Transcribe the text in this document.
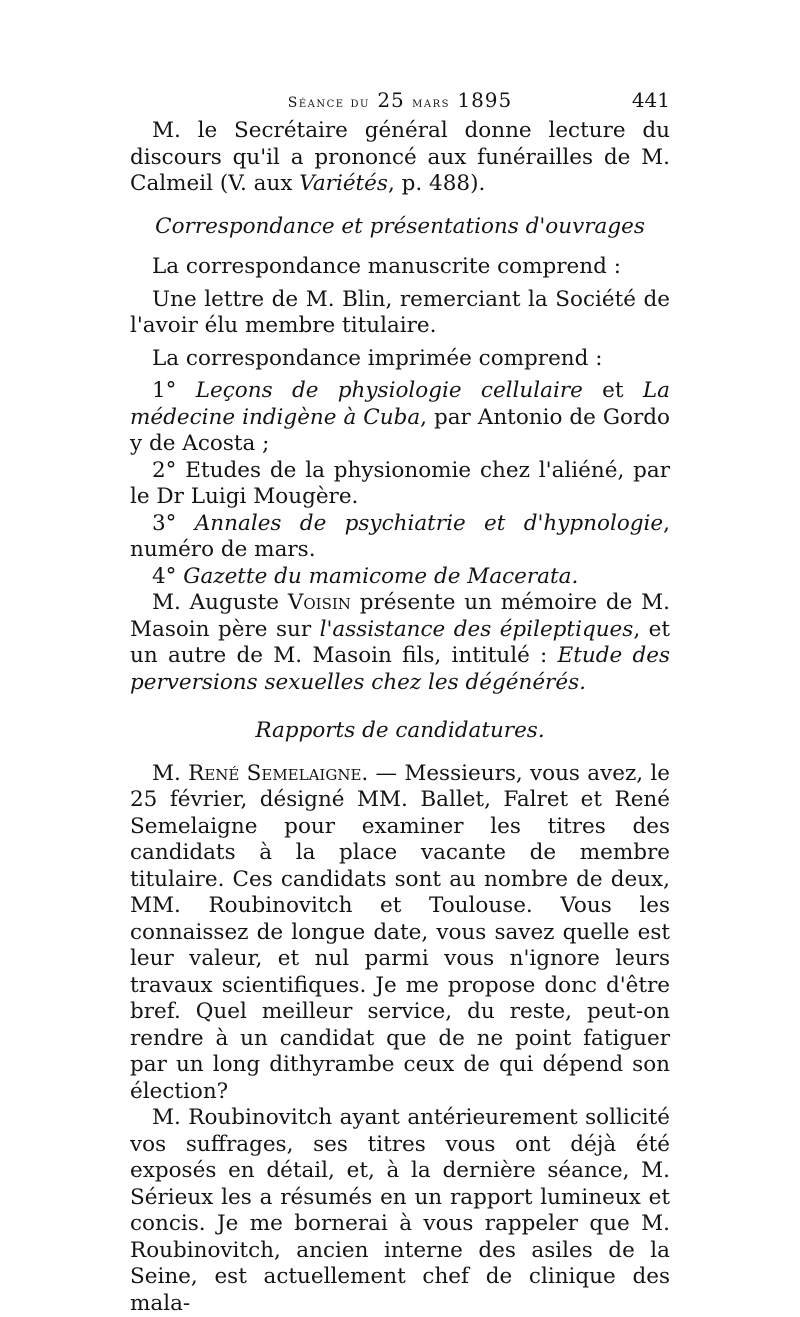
Séance du 25 mars 1895	441

M. le Secrétaire général donne lecture du discours qu'il a prononcé aux funérailles de M. Calmeil (V. aux Variétés, p. 488).

Correspondance et présentations d'ouvrages

La correspondance manuscrite comprend :

Une lettre de M. Blin, remerciant la Société de l'avoir élu membre titulaire.

La correspondance imprimée comprend :

1° Leçons de physiologie cellulaire et La médecine indigène à Cuba, par Antonio de Gordo y de Acosta ;

2° Etudes de la physionomie chez l'aliéné, par le Dr Luigi Mougère.

3° Annales de psychiatrie et d'hypnologie, numéro de mars.

4° Gazette du mamicome de Macerata.

M. Auguste Voisin présente un mémoire de M. Masoin père sur l'assistance des épileptiques, et un autre de M. Masoin fils, intitulé : Etude des perversions sexuelles chez les dégénérés.

Rapports de candidatures.

M. René Semelaigne. — Messieurs, vous avez, le 25 février, désigné MM. Ballet, Falret et René Semelaigne pour examiner les titres des candidats à la place vacante de membre titulaire. Ces candidats sont au nombre de deux, MM. Roubinovitch et Toulouse. Vous les connaissez de longue date, vous savez quelle est leur valeur, et nul parmi vous n'ignore leurs travaux scientifiques. Je me propose donc d'être bref. Quel meilleur service, du reste, peut-on rendre à un candidat que de ne point fatiguer par un long dithyrambe ceux de qui dépend son élection?

M. Roubinovitch ayant antérieurement sollicité vos suffrages, ses titres vous ont déjà été exposés en détail, et, à la dernière séance, M. Sérieux les a résumés en un rapport lumineux et concis. Je me bornerai à vous rappeler que M. Roubinovitch, ancien interne des asiles de la Seine, est actuellement chef de clinique des mala-
